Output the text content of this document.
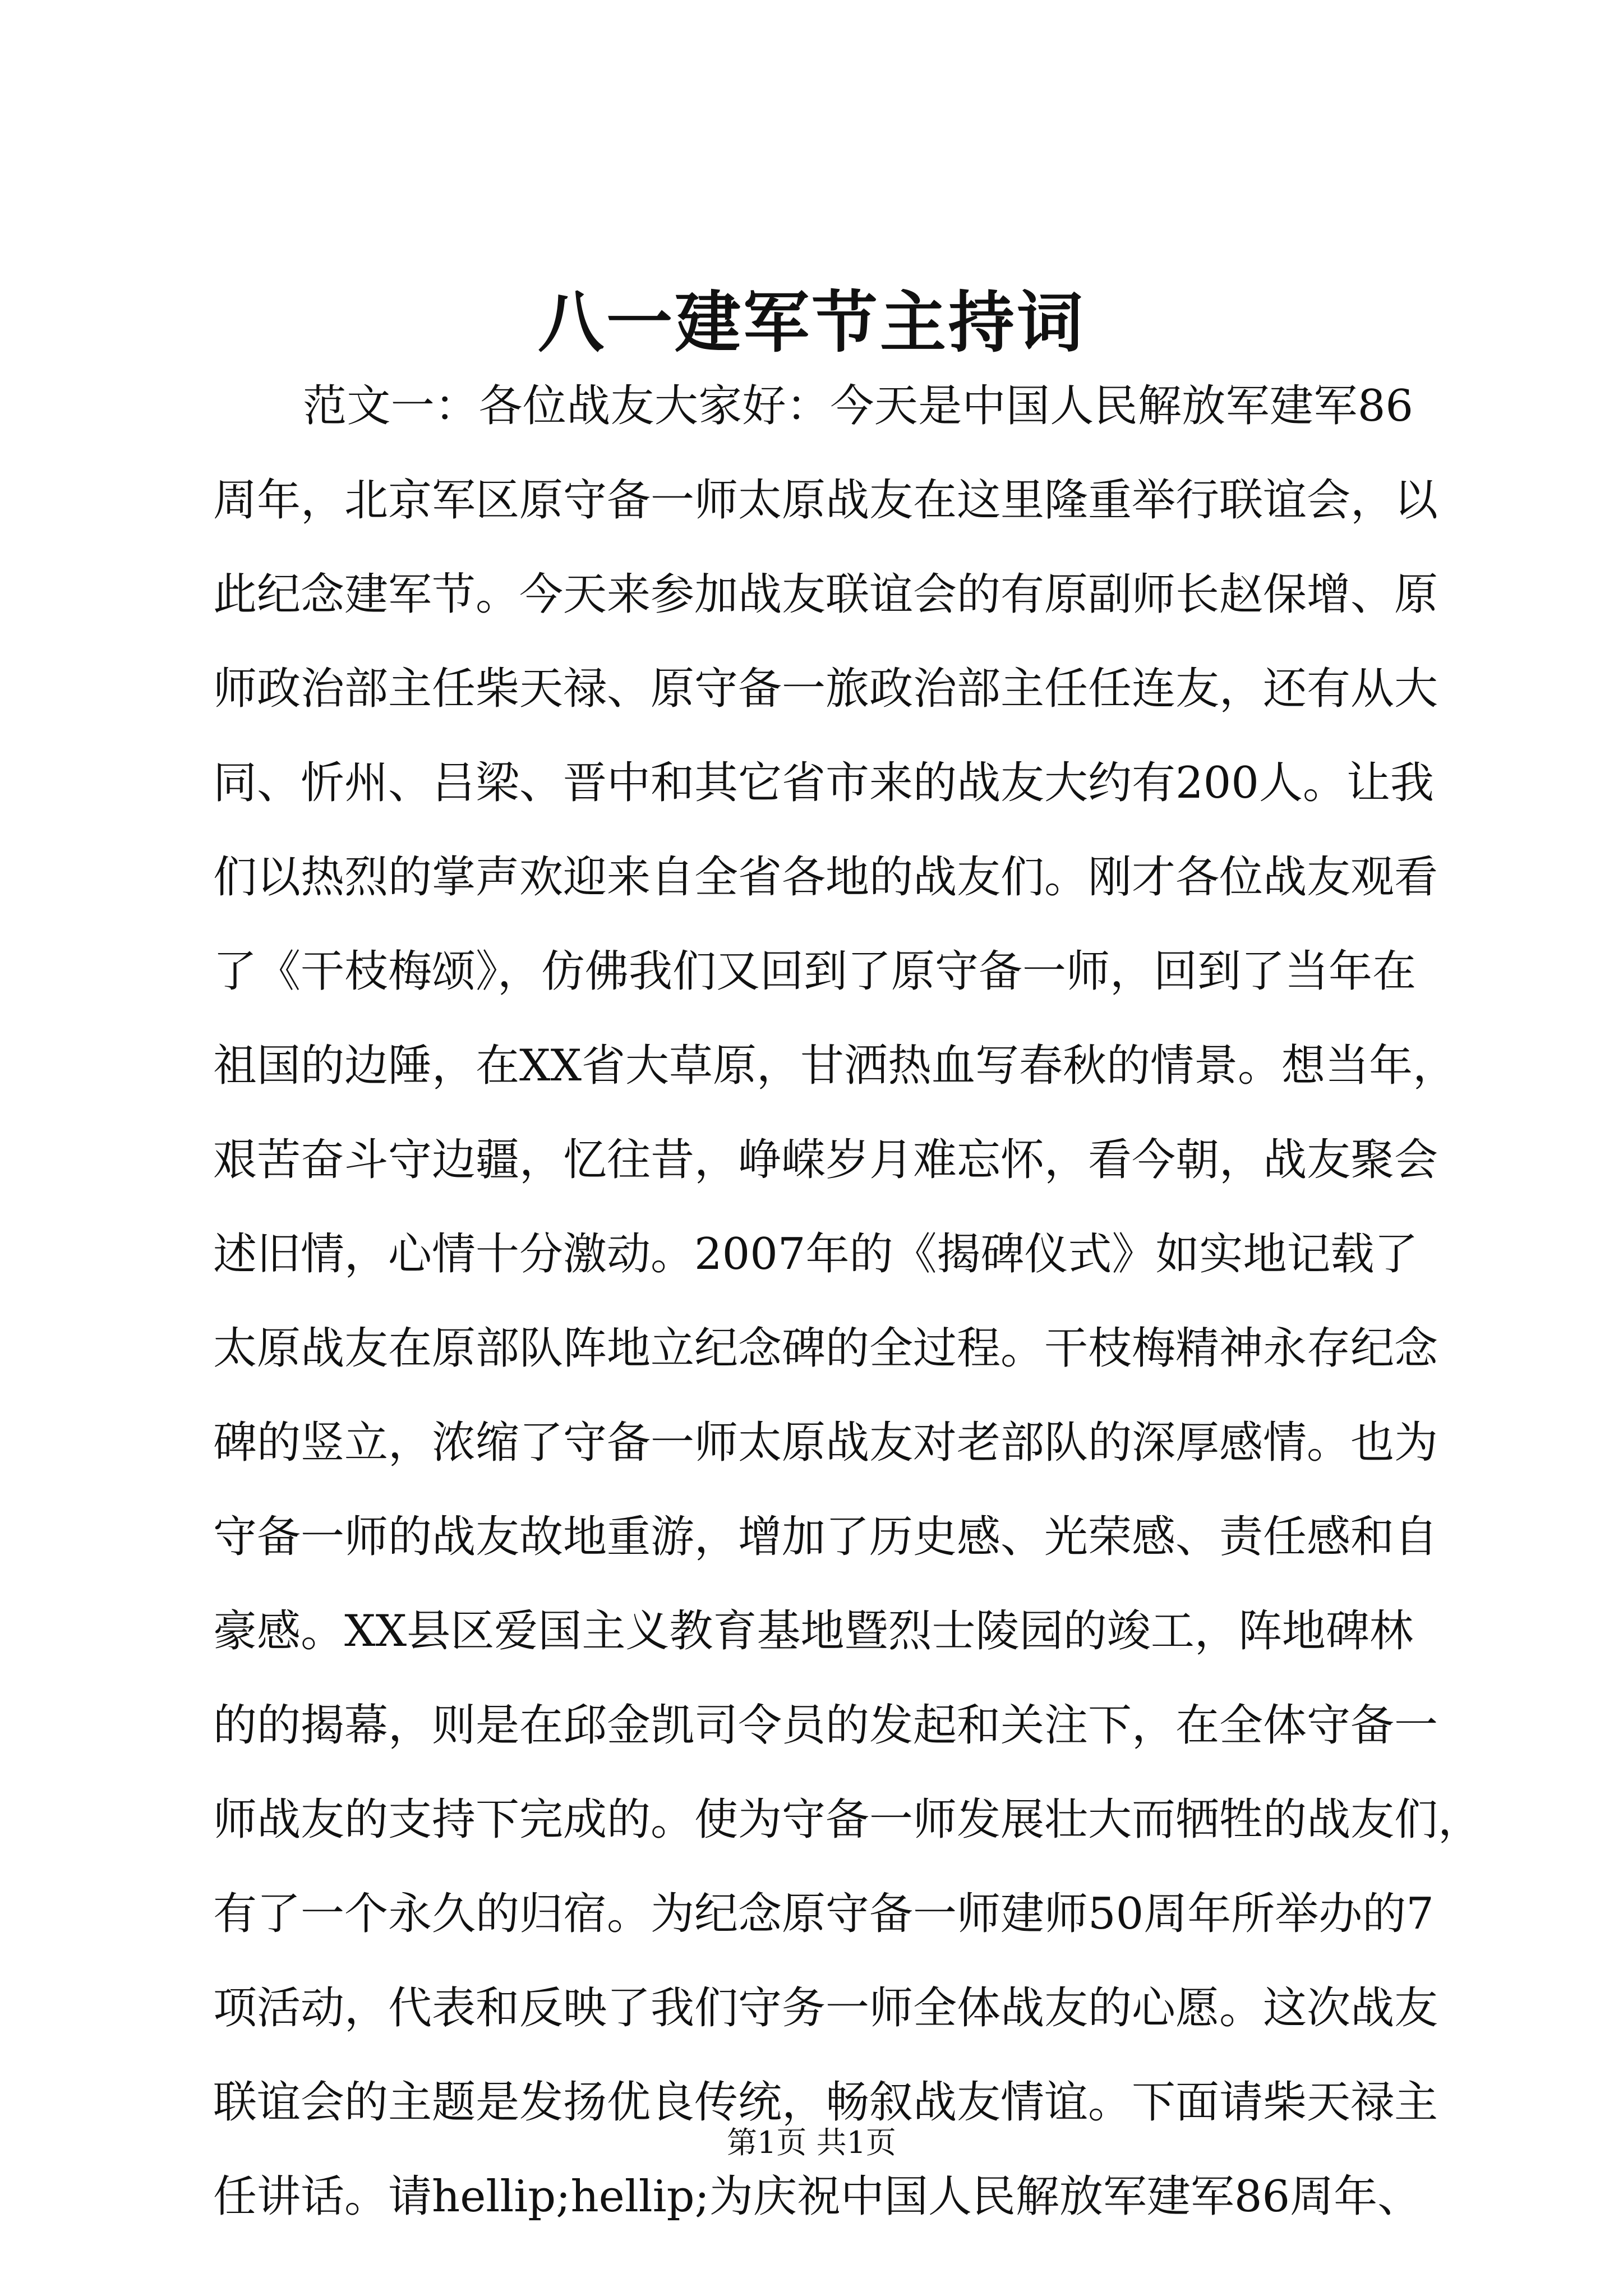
八一建军节主持词
范文一：各位战友大家好：今天是中国人民解放军建军86
周年，北京军区原守备一师太原战友在这里隆重举行联谊会，以
此纪念建军节。今天来参加战友联谊会的有原副师长赵保增、原
师政治部主任柴天禄、原守备一旅政治部主任任连友，还有从大
同、忻州、吕梁、晋中和其它省市来的战友大约有200人。让我
们以热烈的掌声欢迎来自全省各地的战友们。刚才各位战友观看
了《干枝梅颂》，仿佛我们又回到了原守备一师，回到了当年在
祖国的边陲，在XX省大草原，甘洒热血写春秋的情景。想当年，
艰苦奋斗守边疆，忆往昔，峥嵘岁月难忘怀，看今朝，战友聚会
述旧情，心情十分激动。2007年的《揭碑仪式》如实地记载了
太原战友在原部队阵地立纪念碑的全过程。干枝梅精神永存纪念
碑的竖立，浓缩了守备一师太原战友对老部队的深厚感情。也为
守备一师的战友故地重游，增加了历史感、光荣感、责任感和自
豪感。XX县区爱国主义教育基地暨烈士陵园的竣工，阵地碑林
的的揭幕，则是在邱金凯司令员的发起和关注下，在全体守备一
师战友的支持下完成的。使为守备一师发展壮大而牺牲的战友们，
有了一个永久的归宿。为纪念原守备一师建师50周年所举办的7
项活动，代表和反映了我们守务一师全体战友的心愿。这次战友
联谊会的主题是发扬优良传统，畅叙战友情谊。下面请柴天禄主
任讲话。请hellip;hellip;为庆祝中国人民解放军建军86周年、
第1页 共1页
